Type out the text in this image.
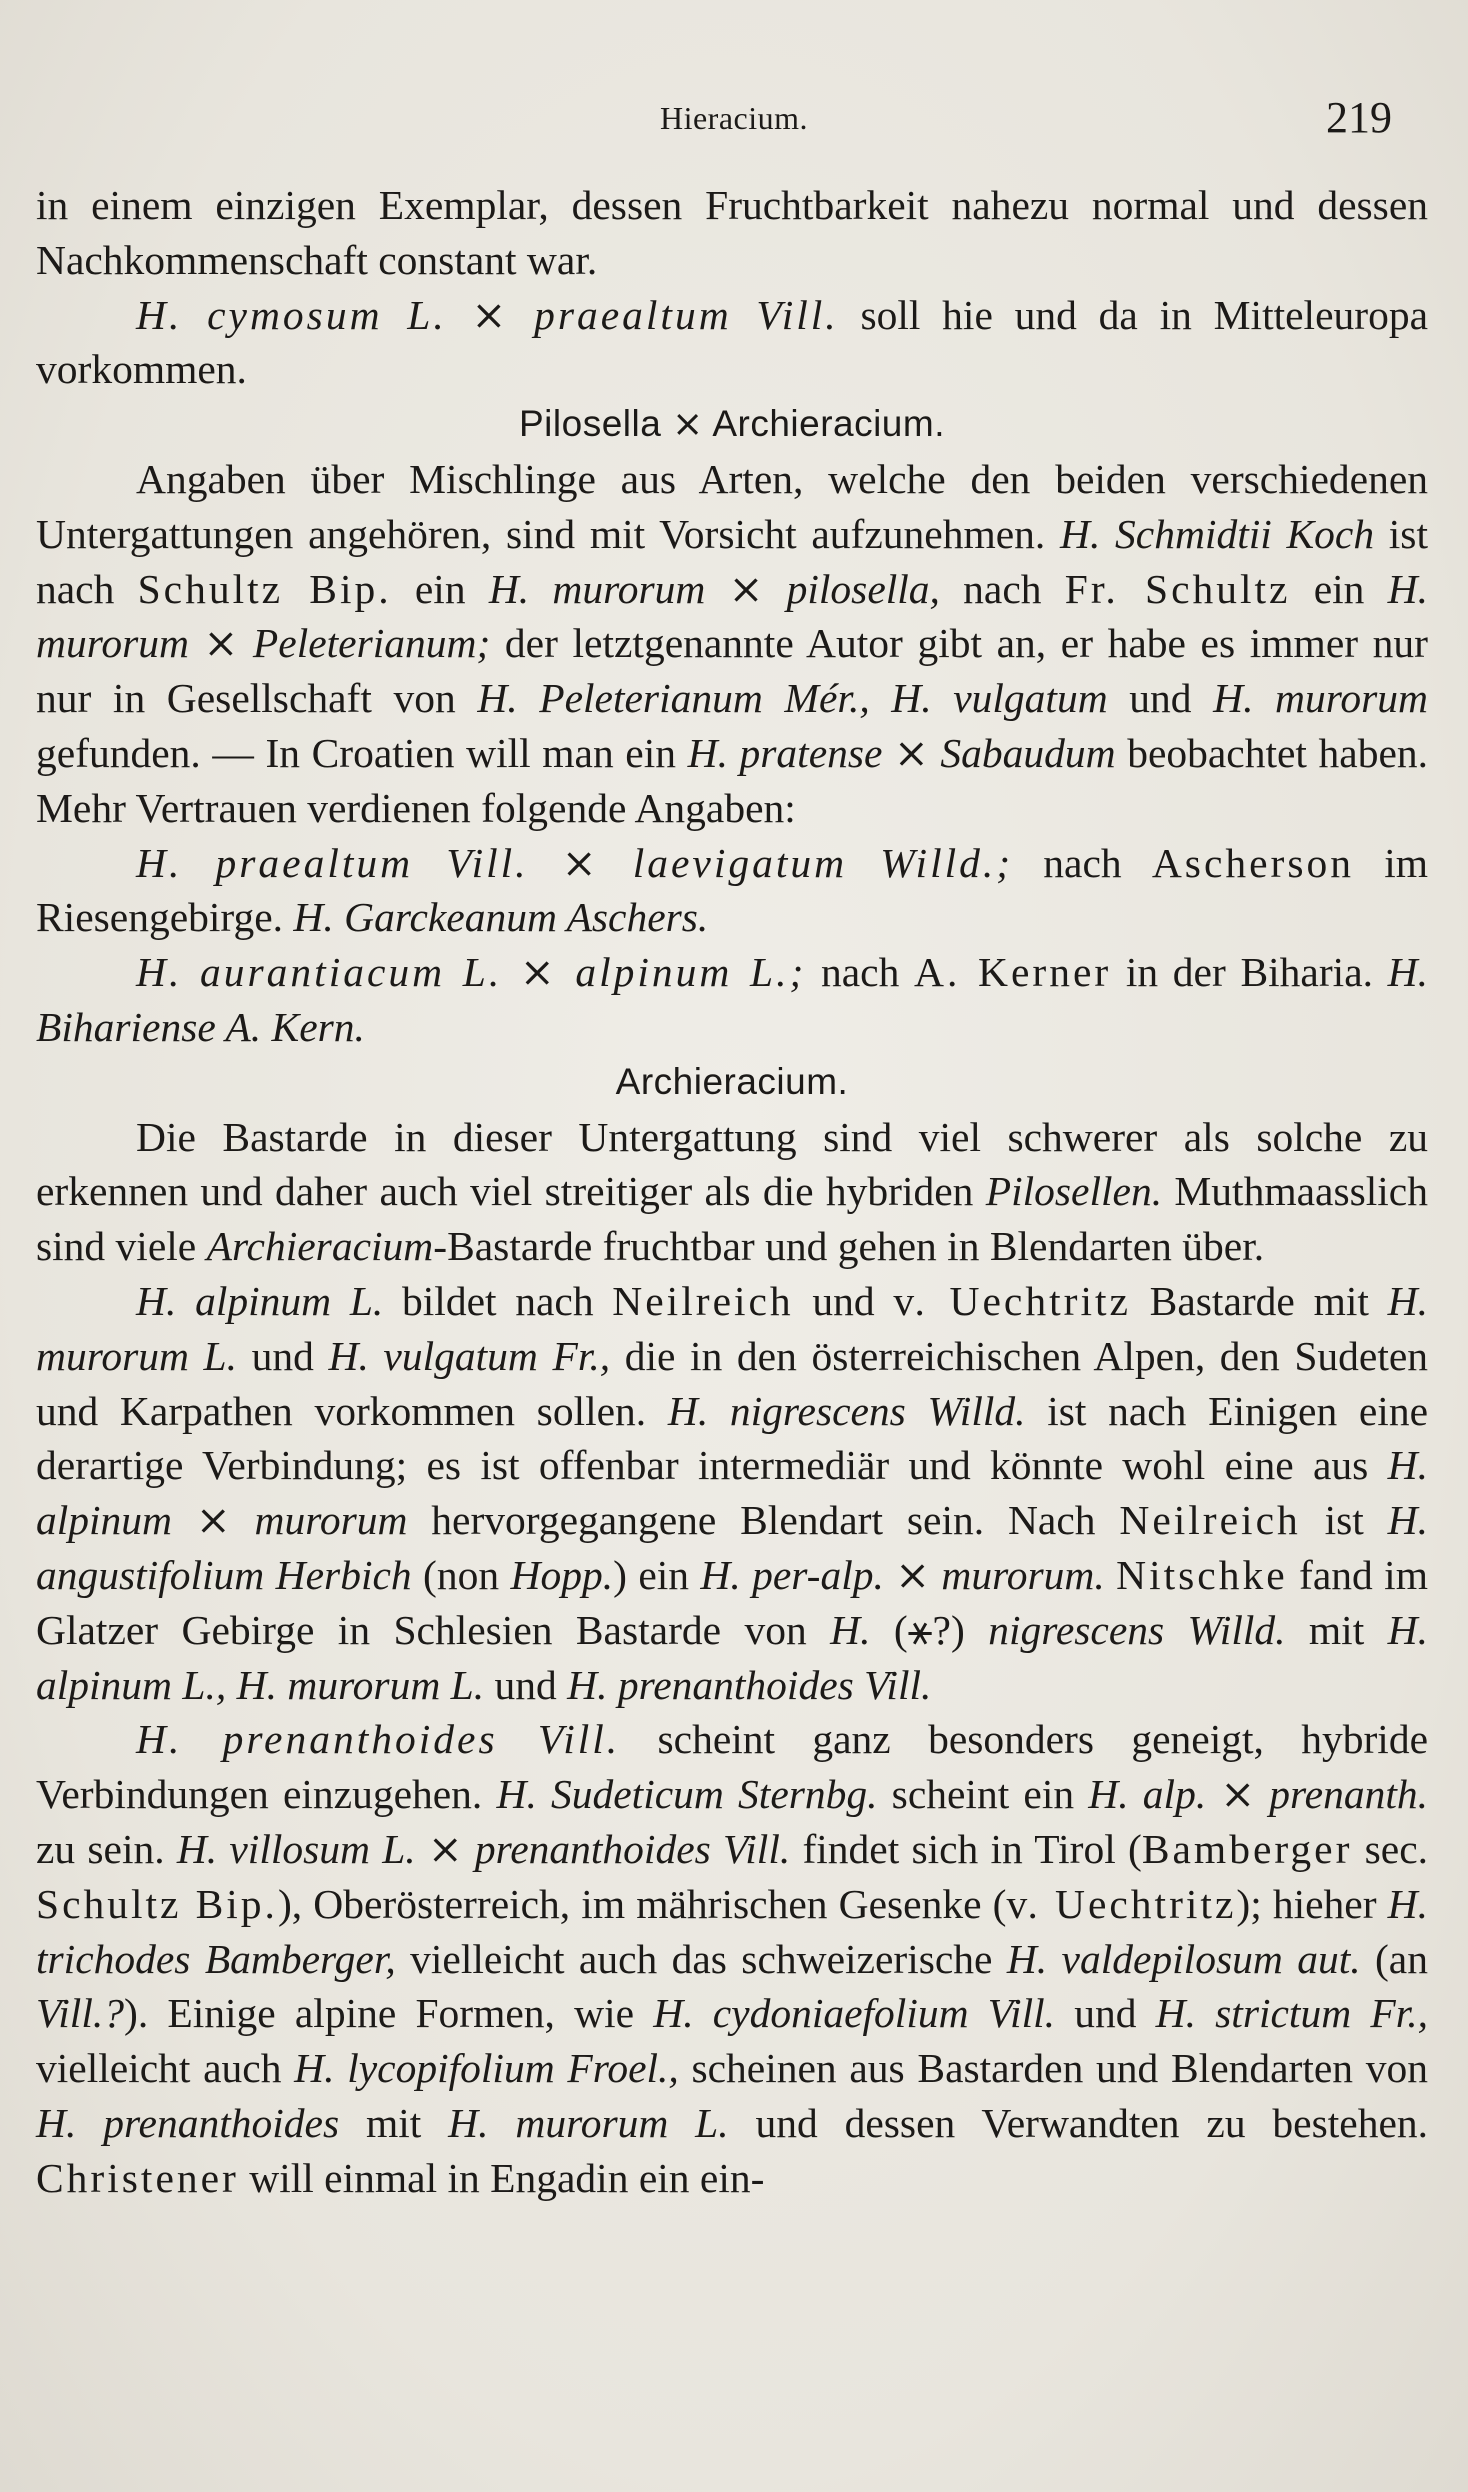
Hieracium.	219

in einem einzigen Exemplar, dessen Fruchtbarkeit nahezu normal und dessen Nachkommenschaft constant war.

H. cymosum L. ⨯ praealtum Vill. soll hie und da in Mitteleuropa vorkommen.

Pilosella ⨯ Archieracium.

Angaben über Mischlinge aus Arten, welche den beiden verschiedenen Untergattungen angehören, sind mit Vorsicht aufzunehmen. H. Schmidtii Koch ist nach Schultz Bip. ein H. murorum ⨯ pilosella, nach Fr. Schultz ein H. murorum ⨯ Peleterianum; der letztgenannte Autor gibt an, er habe es immer nur nur in Gesellschaft von H. Peleterianum Mér., H. vulgatum und H. murorum gefunden. — In Croatien will man ein H. pratense ⨯ Sabaudum beobachtet haben. Mehr Vertrauen verdienen folgende Angaben:

H. praealtum Vill. ⨯ laevigatum Willd.; nach Ascherson im Riesengebirge. H. Garckeanum Aschers.

H. aurantiacum L. ⨯ alpinum L.; nach A. Kerner in der Biharia. H. Bihariense A. Kern.

Archieracium.

Die Bastarde in dieser Untergattung sind viel schwerer als solche zu erkennen und daher auch viel streitiger als die hybriden Pilosellen. Muthmaasslich sind viele Archieracium-Bastarde fruchtbar und gehen in Blendarten über.

H. alpinum L. bildet nach Neilreich und v. Uechtritz Bastarde mit H. murorum L. und H. vulgatum Fr., die in den österreichischen Alpen, den Sudeten und Karpathen vorkommen sollen. H. nigrescens Willd. ist nach Einigen eine derartige Verbindung; es ist offenbar intermediär und könnte wohl eine aus H. alpinum ⨯ murorum hervorgegangene Blendart sein. Nach Neilreich ist H. angustifolium Herbich (non Hopp.) ein H. per-alp. ⨯ murorum. Nitschke fand im Glatzer Gebirge in Schlesien Bastarde von H. (⚹?) nigrescens Willd. mit H. alpinum L., H. murorum L. und H. prenanthoides Vill.

H. prenanthoides Vill. scheint ganz besonders geneigt, hybride Verbindungen einzugehen. H. Sudeticum Sternbg. scheint ein H. alp. ⨯ prenanth. zu sein. H. villosum L. ⨯ prenanthoides Vill. findet sich in Tirol (Bamberger sec. Schultz Bip.), Oberösterreich, im mährischen Gesenke (v. Uechtritz); hieher H. trichodes Bamberger, vielleicht auch das schweizerische H. valdepilosum aut. (an Vill.?). Einige alpine Formen, wie H. cydoniaefolium Vill. und H. strictum Fr., vielleicht auch H. lycopifolium Froel., scheinen aus Bastarden und Blendarten von H. prenanthoides mit H. murorum L. und dessen Verwandten zu bestehen. Christener will einmal in Engadin ein ein-
